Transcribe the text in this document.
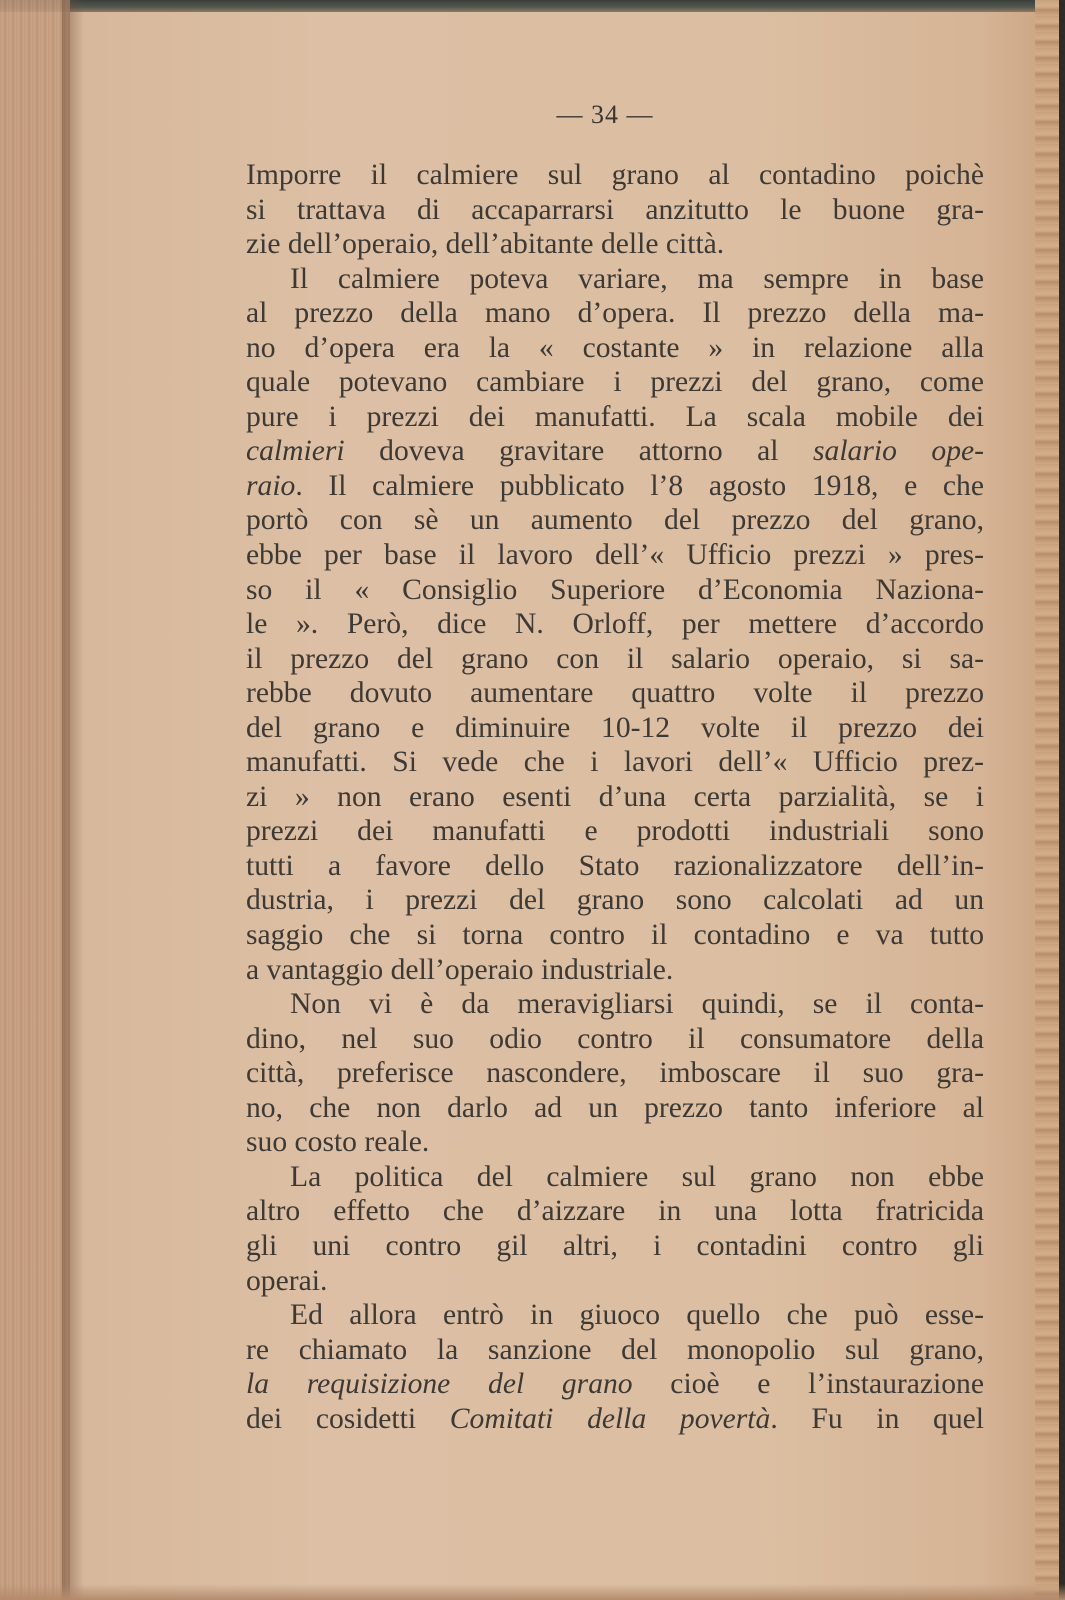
— 34 —
Imporre il calmiere sul grano al contadino poichè
si trattava di accaparrarsi anzitutto le buone gra-
zie dell’operaio, dell’abitante delle città.
Il calmiere poteva variare, ma sempre in base
al prezzo della mano d’opera. Il prezzo della ma-
no d’opera era la « costante » in relazione alla
quale potevano cambiare i prezzi del grano, come
pure i prezzi dei manufatti. La scala mobile dei
calmieri doveva gravitare attorno al salario ope-
raio. Il calmiere pubblicato l’8 agosto 1918, e che
portò con sè un aumento del prezzo del grano,
ebbe per base il lavoro dell’« Ufficio prezzi » pres-
so il « Consiglio Superiore d’Economia Naziona-
le ». Però, dice N. Orloff, per mettere d’accordo
il prezzo del grano con il salario operaio, si sa-
rebbe dovuto aumentare quattro volte il prezzo
del grano e diminuire 10-12 volte il prezzo dei
manufatti. Si vede che i lavori dell’« Ufficio prez-
zi » non erano esenti d’una certa parzialità, se i
prezzi dei manufatti e prodotti industriali sono
tutti a favore dello Stato razionalizzatore dell’in-
dustria, i prezzi del grano sono calcolati ad un
saggio che si torna contro il contadino e va tutto
a vantaggio dell’operaio industriale.
Non vi è da meravigliarsi quindi, se il conta-
dino, nel suo odio contro il consumatore della
città, preferisce nascondere, imboscare il suo gra-
no, che non darlo ad un prezzo tanto inferiore al
suo costo reale.
La politica del calmiere sul grano non ebbe
altro effetto che d’aizzare in una lotta fratricida
gli uni contro gil altri, i contadini contro gli
operai.
Ed allora entrò in giuoco quello che può esse-
re chiamato la sanzione del monopolio sul grano,
la requisizione del grano cioè e l’instaurazione
dei cosidetti Comitati della povertà. Fu in quel
